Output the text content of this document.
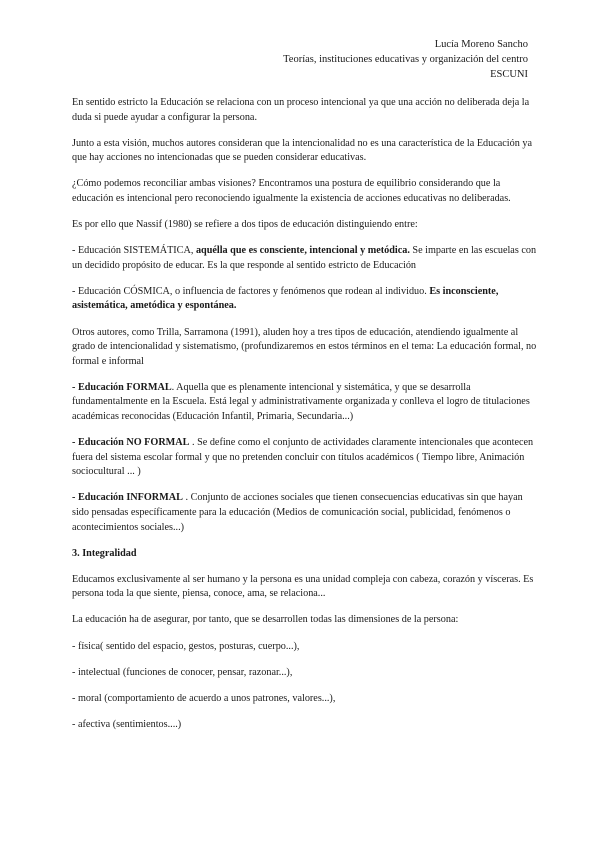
Lucía Moreno Sancho
Teorías, instituciones educativas y organización del centro
ESCUNI

En sentido estricto la Educación se relaciona con un proceso intencional ya que una acción no deliberada deja la duda si puede ayudar a configurar la persona.

Junto a esta visión, muchos autores consideran que la intencionalidad no es una característica de la Educación ya que hay acciones no intencionadas que se pueden considerar educativas.

¿Cómo podemos reconciliar ambas visiones? Encontramos una postura de equilibrio considerando que la educación es intencional pero reconociendo igualmente la existencia de acciones educativas no deliberadas.

Es por ello que Nassif (1980) se refiere a dos tipos de educación distinguiendo entre:

- Educación SISTEMÁTICA, aquélla que es consciente, intencional y metódica. Se imparte en las escuelas con un decidido propósito de educar. Es la que responde al sentido estricto de Educación

- Educación CÓSMICA, o influencia de factores y fenómenos que rodean al individuo. Es inconsciente, asistemática, ametódica y espontánea.

Otros autores, como Trilla, Sarramona (1991), aluden hoy a tres tipos de educación, atendiendo igualmente al grado de intencionalidad y sistematismo, (profundizaremos en estos términos en el tema: La educación formal, no formal e informal

- Educación FORMAL. Aquella que es plenamente intencional y sistemática, y que se desarrolla fundamentalmente en la Escuela. Está legal y administrativamente organizada y conlleva el logro de titulaciones académicas reconocidas (Educación Infantil, Primaria, Secundaria...)

- Educación NO FORMAL . Se define como el conjunto de actividades claramente intencionales que acontecen fuera del sistema escolar formal y que no pretenden concluir con títulos académicos ( Tiempo libre, Animación sociocultural ... )

- Educación INFORMAL . Conjunto de acciones sociales que tienen consecuencias educativas sin que hayan sido pensadas específicamente para la educación (Medios de comunicación social, publicidad, fenómenos o acontecimientos sociales...)

3. Integralidad

Educamos exclusivamente al ser humano y la persona es una unidad compleja con cabeza, corazón y vísceras. Es persona toda la que siente, piensa, conoce, ama, se relaciona...

La educación ha de asegurar, por tanto, que se desarrollen todas las dimensiones de la persona:

- física( sentido del espacio, gestos, posturas, cuerpo...),

- intelectual (funciones de conocer, pensar, razonar...),

- moral (comportamiento de acuerdo a unos patrones, valores...),

- afectiva (sentimientos....)
